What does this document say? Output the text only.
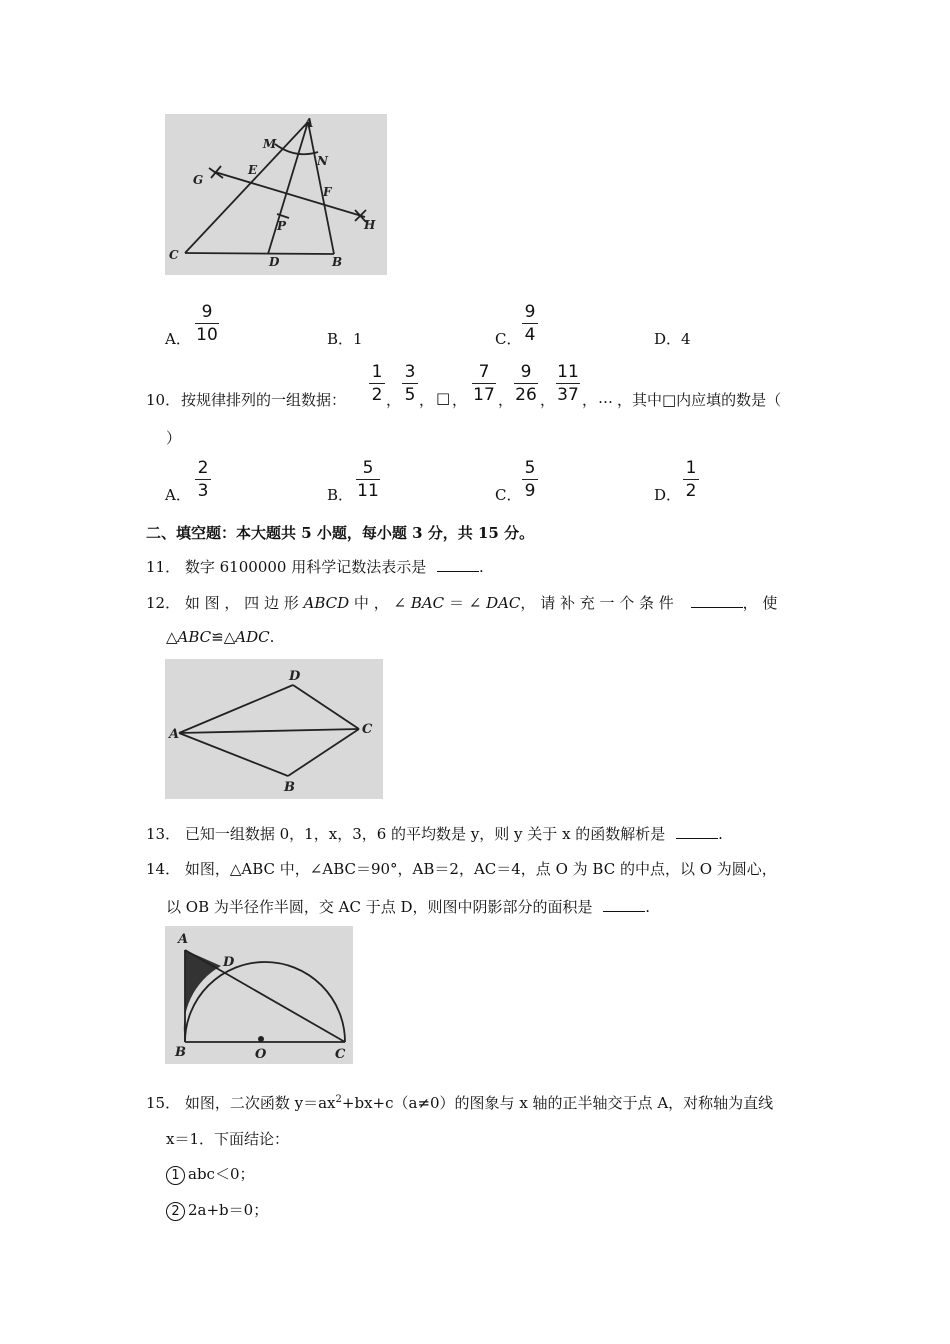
A
M
N
G
E
F
P	H
C	D	B
A．
9
10	B．1	C．
9
4	D．4
10． 按规律排列的一组数据：
1
2 ，
3
5 ， □ ，
7
17 ，
9
26 ，
11
37 ， … ，其中□内应填的数是（
）
A．
2
3	B．
5
11	C．
5
9	D．
1
2
二、填空题：本大题共 5 小题，每小题 3 分，共 15 分。
11． 数字 6100000 用科学记数法表示是	.
12． 如 图 ， 四 边 形 ABCD 中 ， ∠ BAC ＝ ∠ DAC， 请 补 充 一 个 条 件	， 使
△ABC≌△ADC.
A
D
C
B
13． 已知一组数据 0，1，x，3，6 的平均数是 y，则 y 关于 x 的函数解析是	.
14． 如图，△ABC 中，∠ABC＝90°，AB＝2，AC＝4，点 O 为 BC 的中点，以 O 为圆心，
以 OB 为半径作半圆，交 AC 于点 D，则图中阴影部分的面积是	.
A
D
B	O	C
15． 如图，二次函数 $y=ax^2+bx+c(a\ne 0)$的图象与 x 轴的正半轴交于点 A，对称轴为直线
x＝1．下面结论：
1 abc＜0；
2 2a+b＝0；
